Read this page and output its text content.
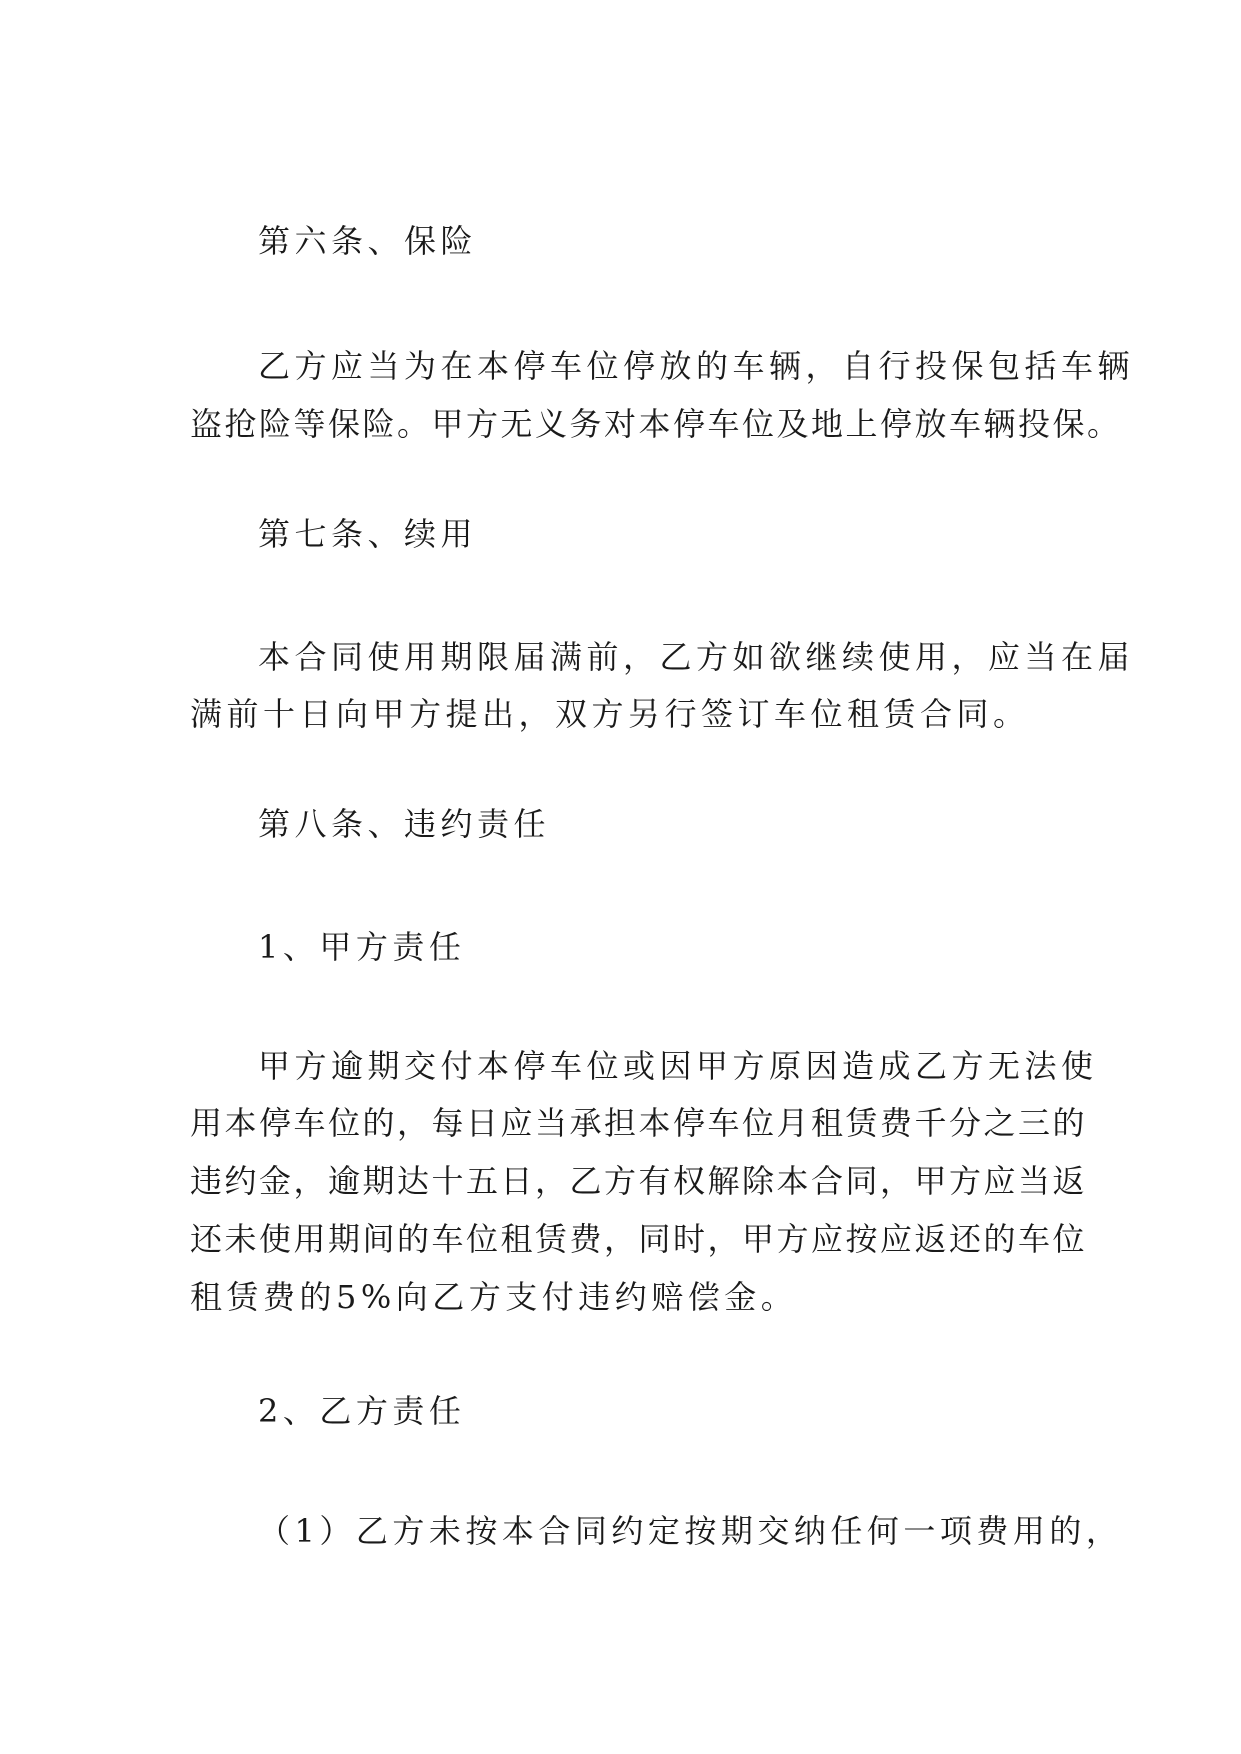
第六条、保险
乙方应当为在本停车位停放的车辆，自行投保包括车辆
盗抢险等保险。甲方无义务对本停车位及地上停放车辆投保。
第七条、续用
本合同使用期限届满前，乙方如欲继续使用，应当在届
满前十日向甲方提出，双方另行签订车位租赁合同。
第八条、违约责任
1、甲方责任
甲方逾期交付本停车位或因甲方原因造成乙方无法使
用本停车位的，每日应当承担本停车位月租赁费千分之三的
违约金，逾期达十五日，乙方有权解除本合同，甲方应当返
还未使用期间的车位租赁费，同时，甲方应按应返还的车位
租赁费的5%向乙方支付违约赔偿金。
2、乙方责任
（1）乙方未按本合同约定按期交纳任何一项费用的，
